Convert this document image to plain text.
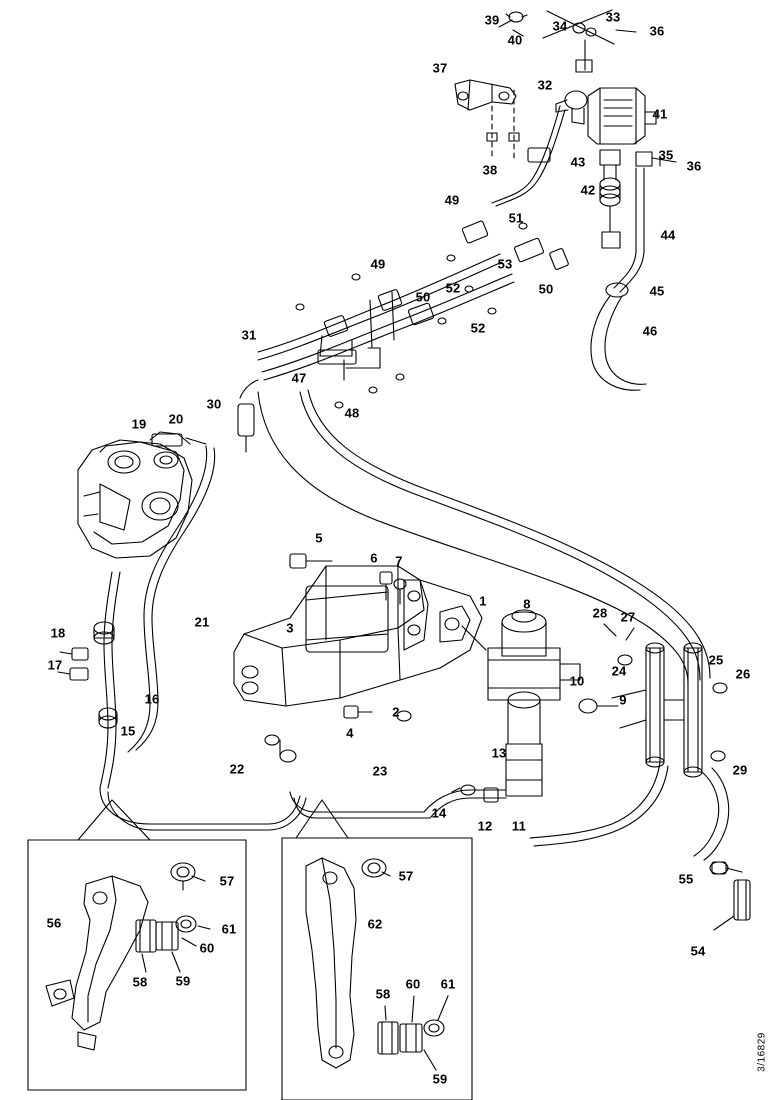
39	34
33
36
40
37
32
41
38
43	35
36
42
44
49
51
53
50	45
49
52
50
46
52
31
47
30
48
19 20
5
6 7
1	8
28 27
3
21
18
17	24
25
26
10
9
16
2
4
15
13
22	23	29
12 11
14
55
54
57	57
56	61
60
58 59
62
58
60 61
59
3/16829
